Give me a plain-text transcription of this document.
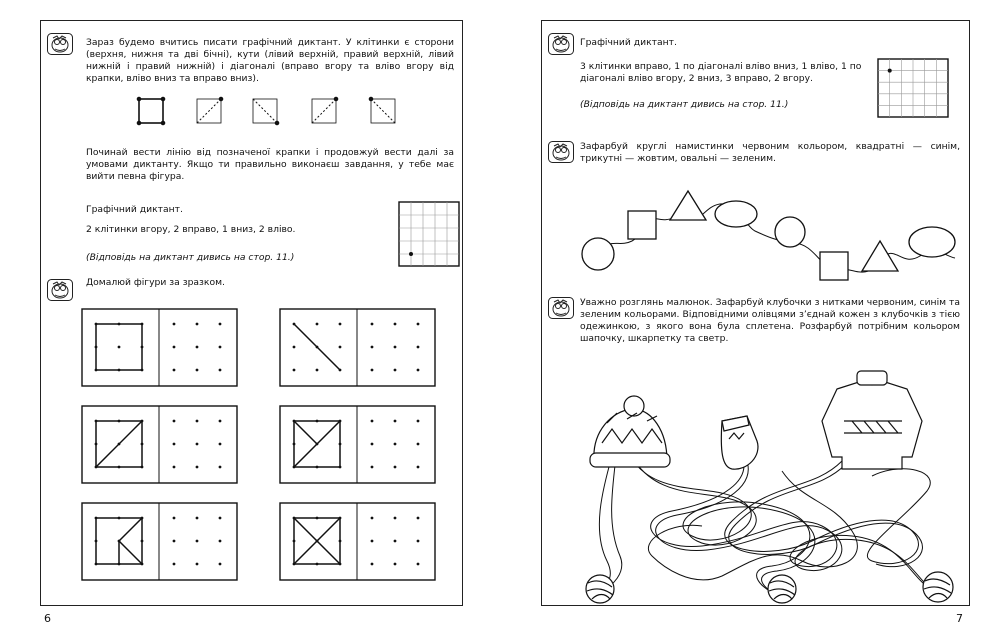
Зараз будемо вчитись писати графічний диктант. У клітинки є сторони (верхня, нижня та дві бічні), кути (лівий верхній, правий верхній, лівий нижній і правий нижній) і діагоналі (вправо вгору та вліво вгору від крапки, вліво вниз та вправо вниз).
Починай вести лінію від позначеної крапки і продовжуй вести далі за умовами диктанту. Якщо ти правильно виконаєш завдання, у тебе має вийти певна фігура.
Графічний диктант.
2 клітинки вгору, 2 вправо, 1 вниз, 2 вліво.
(Відповідь на диктант дивись на стор. 11.)
Домалюй фігури за зразком.
6
Графічний диктант.
3 клітинки вправо, 1 по діагоналі вліво вниз, 1 вліво, 1 по діагоналі вліво вгору, 2 вниз, 3 вправо, 2 вгору.
(Відповідь на диктант дивись на стор. 11.)
Зафарбуй круглі намистинки червоним кольором, квадратні — синім, трикутні — жовтим, овальні — зеленим.
Уважно розглянь малюнок. Зафарбуй клубочки з нитками червоним, синім та зеленим кольорами. Відповідними олівцями з’єднай кожен з клубочків з тією одежинкою, з якого вона була сплетена. Розфарбуй потрібним кольором шапочку, шкарпетку та светр.
7
